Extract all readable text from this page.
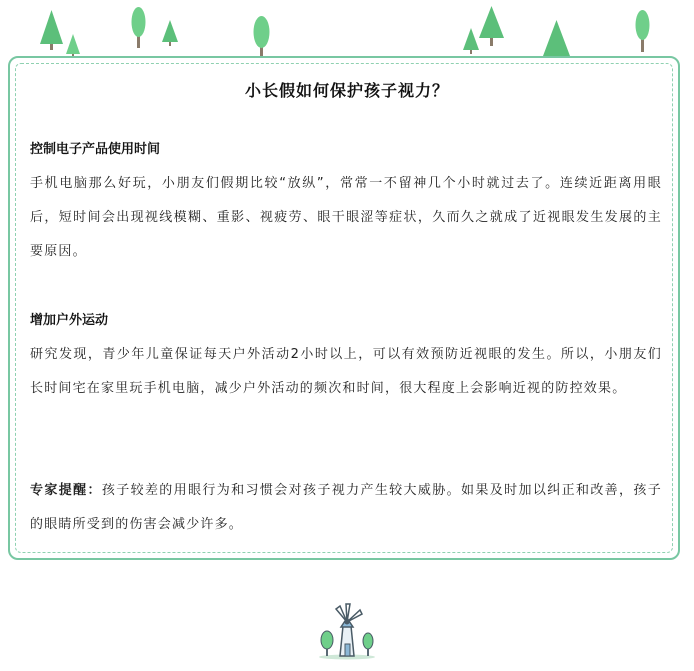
小长假如何保护孩子视力？

控制电子产品使用时间

手机电脑那么好玩，小朋友们假期比较“放纵”，常常一不留神几个小时就过去了。连续近距离用眼后，短时间会出现视线模糊、重影、视疲劳、眼干眼涩等症状，久而久之就成了近视眼发生发展的主要原因。

增加户外运动

研究发现，青少年儿童保证每天户外活动2小时以上，可以有效预防近视眼的发生。所以，小朋友们长时间宅在家里玩手机电脑，减少户外活动的频次和时间，很大程度上会影响近视的防控效果。

专家提醒：孩子较差的用眼行为和习惯会对孩子视力产生较大威胁。如果及时加以纠正和改善，孩子的眼睛所受到的伤害会减少许多。
